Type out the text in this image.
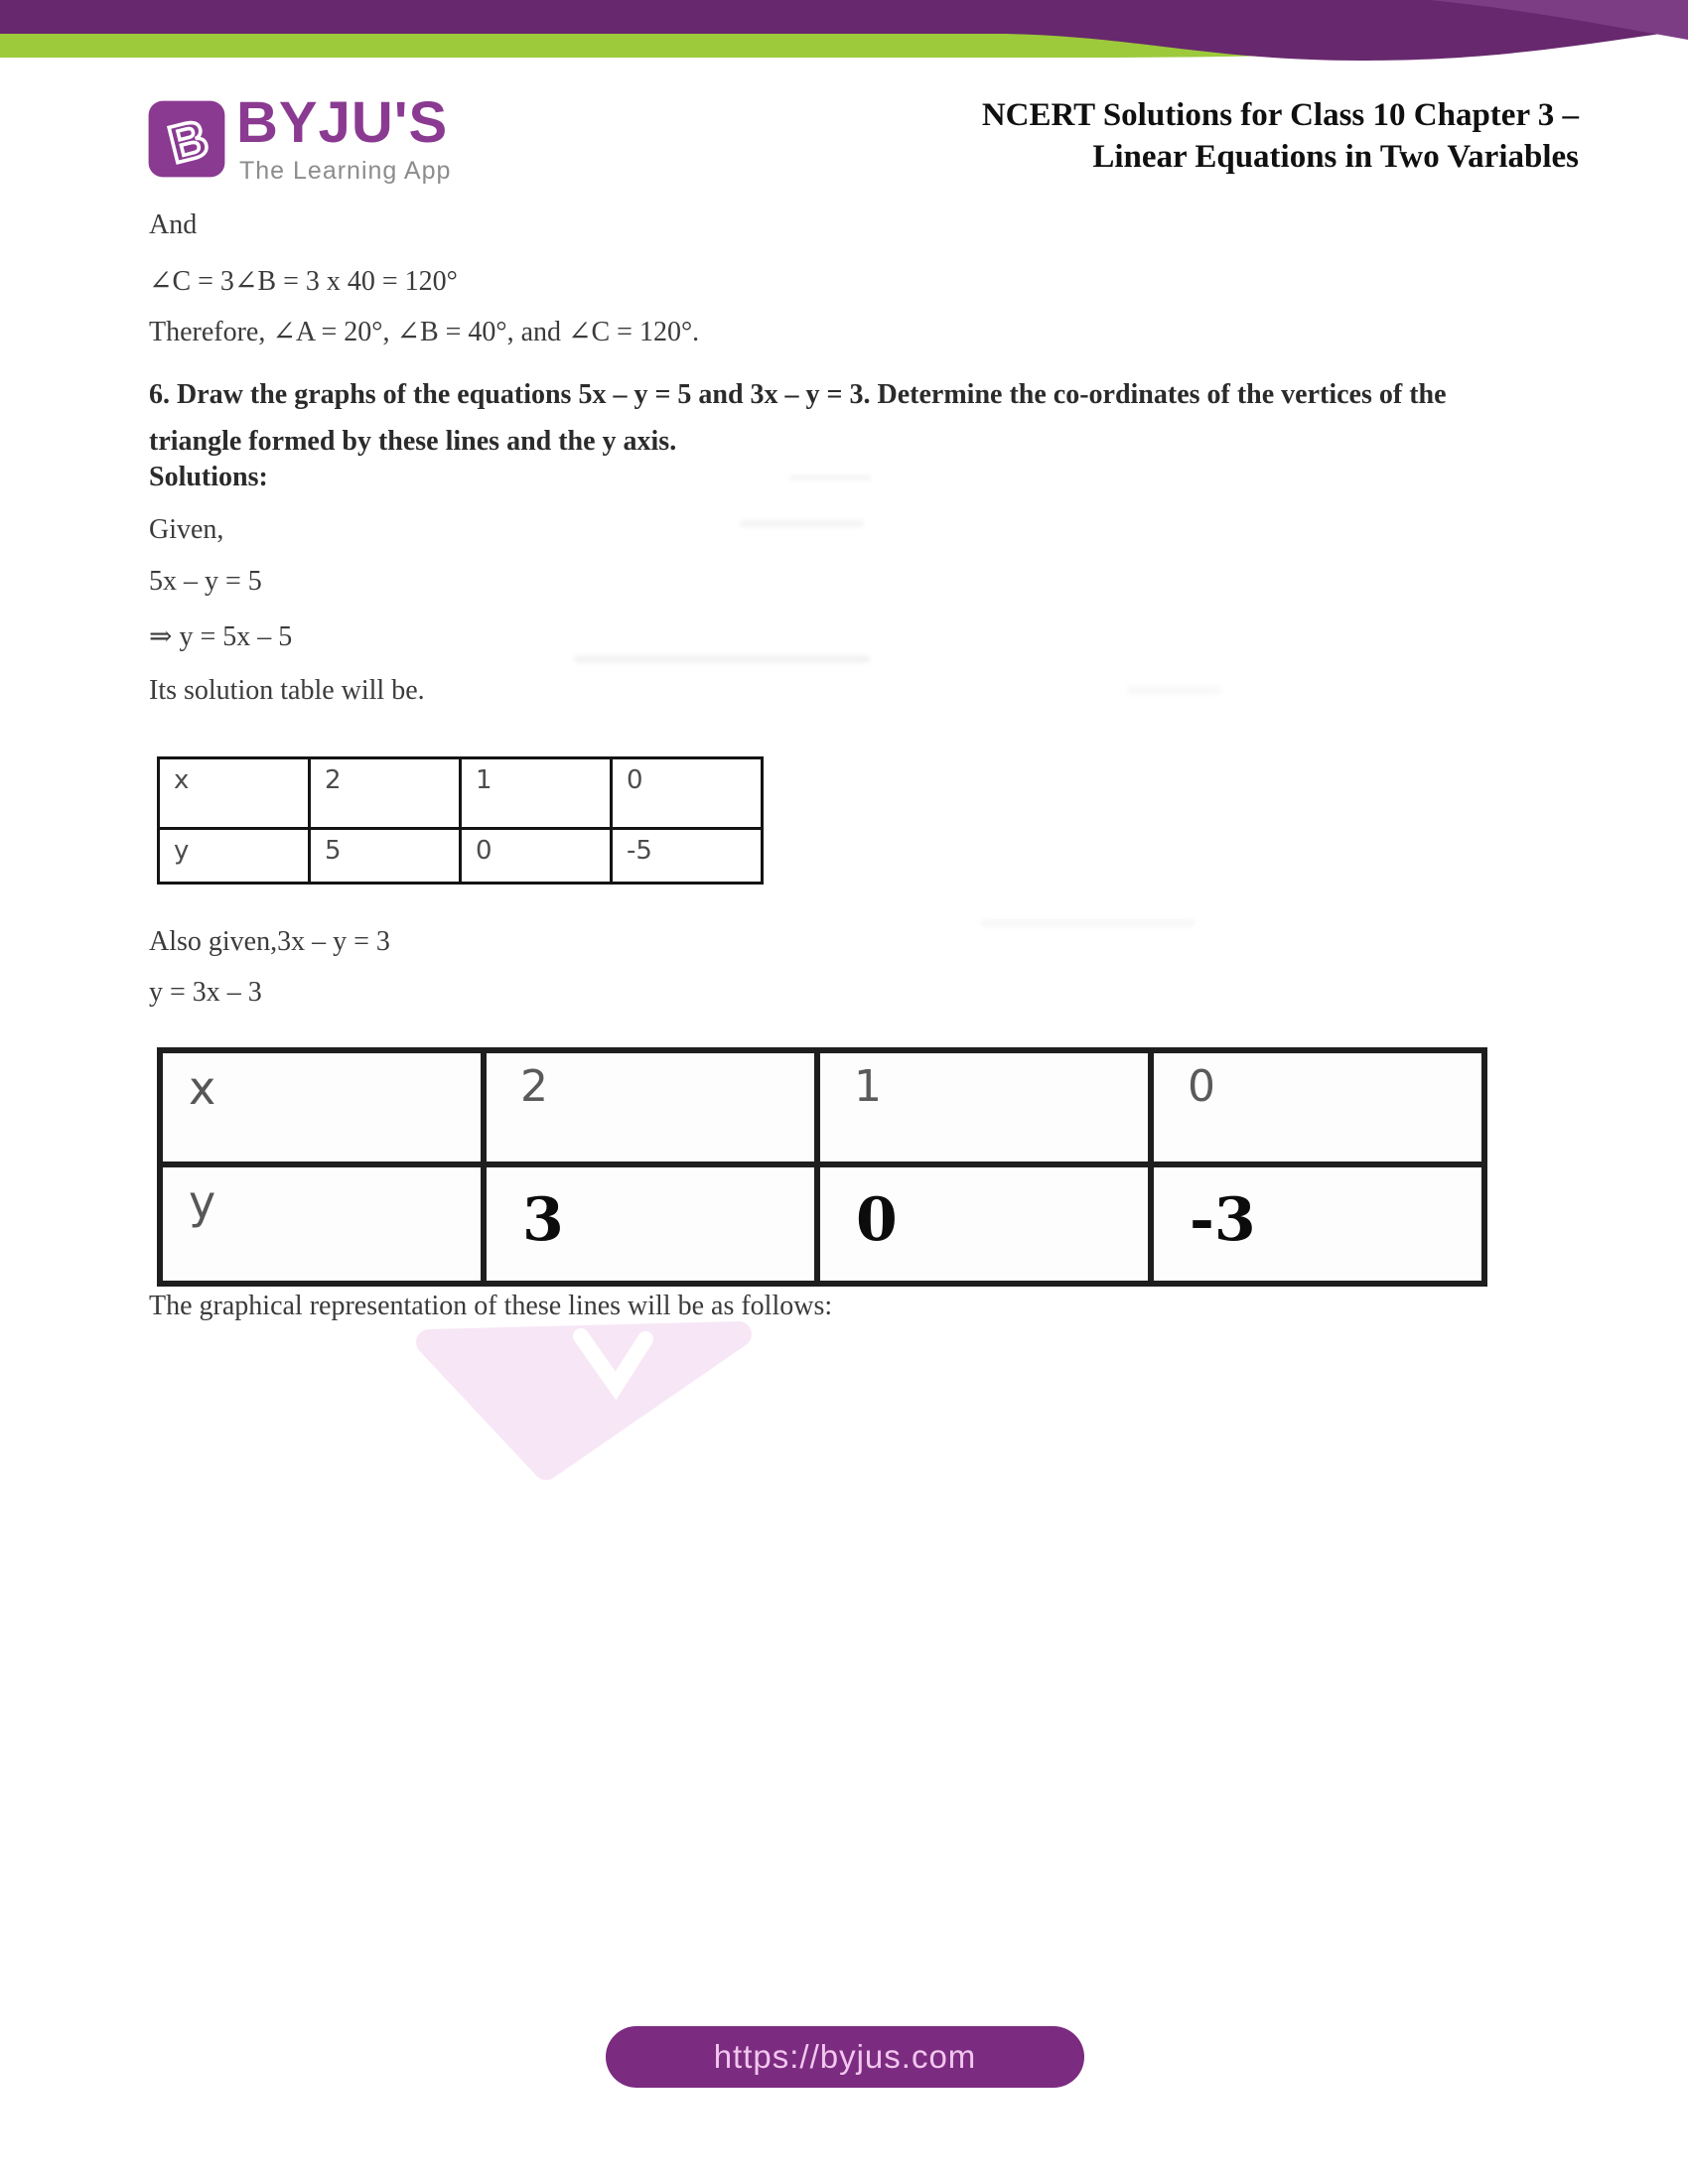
B BYJU'S
The Learning App
NCERT Solutions for Class 10 Chapter 3 –
Linear Equations in Two Variables
And
∠C = 3∠B = 3 x 40 = 120°
Therefore, ∠A = 20°, ∠B = 40°, and ∠C = 120°.
6. Draw the graphs of the equations 5x – y = 5 and 3x – y = 3. Determine the co-ordinates of the vertices of the triangle formed by these lines and the y axis.
Solutions:
Given,
5x – y = 5
⇒ y = 5x – 5
Its solution table will be.
x	2	1	0
y	5	0	-5
Also given,3x – y = 3
y = 3x – 3
x	2	1	0
y	3	0	-3
The graphical representation of these lines will be as follows:
https://byjus.com
